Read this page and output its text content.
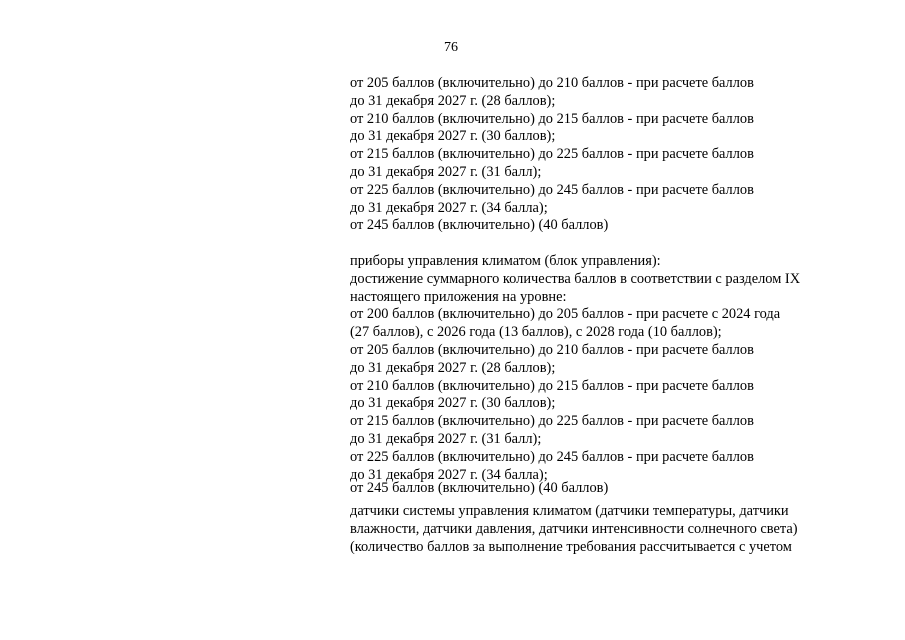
76
от 205 баллов (включительно) до 210 баллов - при расчете баллов
до 31 декабря 2027 г. (28 баллов);
от 210 баллов (включительно) до 215 баллов - при расчете баллов
до 31 декабря 2027 г. (30 баллов);
от 215 баллов (включительно) до 225 баллов - при расчете баллов
до 31 декабря 2027 г. (31 балл);
от 225 баллов (включительно) до 245 баллов - при расчете баллов
до 31 декабря 2027 г. (34 балла);
от 245 баллов (включительно) (40 баллов)
приборы управления климатом (блок управления):
достижение суммарного количества баллов в соответствии с разделом IX
настоящего приложения на уровне:
от 200 баллов (включительно) до 205 баллов - при расчете с 2024 года
(27 баллов), с 2026 года (13 баллов), с 2028 года (10 баллов);
от 205 баллов (включительно) до 210 баллов - при расчете баллов
до 31 декабря 2027 г. (28 баллов);
от 210 баллов (включительно) до 215 баллов - при расчете баллов
до 31 декабря 2027 г. (30 баллов);
от 215 баллов (включительно) до 225 баллов - при расчете баллов
до 31 декабря 2027 г. (31 балл);
от 225 баллов (включительно) до 245 баллов - при расчете баллов
до 31 декабря 2027 г. (34 балла);
от 245 баллов (включительно) (40 баллов)
датчики системы управления климатом (датчики температуры, датчики
влажности, датчики давления, датчики интенсивности солнечного света)
(количество баллов за выполнение требования рассчитывается с учетом
